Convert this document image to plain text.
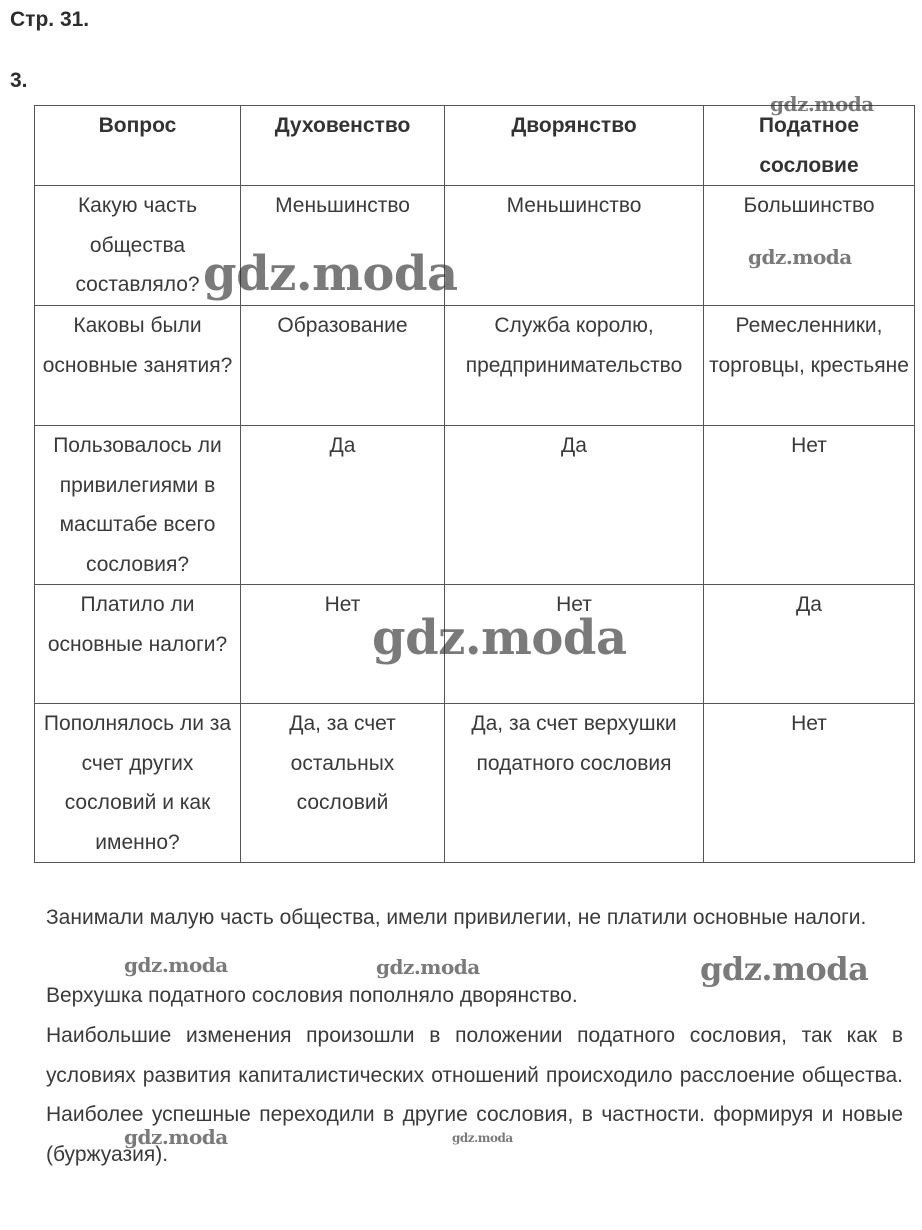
Стр. 31.
3.
Вопрос	Духовенство	Дворянство	Податное сословие
Какую часть общества составляло?	Меньшинство	Меньшинство	Большинство
Каковы были основные занятия?	Образование	Служба королю, предпринимательство	Ремесленники, торговцы, крестьяне
Пользовалось ли привилегиями в масштабе всего сословия?	Да	Да	Нет
Платило ли основные налоги?	Нет	Нет	Да
Пополнялось ли за счет других сословий и как именно?	Да, за счет остальных сословий	Да, за счет верхушки податного сословия	Нет
Занимали малую часть общества, имели привилегии, не платили основные налоги.
Верхушка податного сословия пополняло дворянство.
Наибольшие изменения произошли в положении податного сословия, так как в условиях развития капиталистических отношений происходило расслоение общества. Наиболее успешные переходили в другие сословия, в частности. формируя и новые (буржуазия).
gdz.moda
gdz.moda
gdz.moda
gdz.moda
gdz.moda	gdz.moda	gdz.moda
gdz.moda	gdz.moda
